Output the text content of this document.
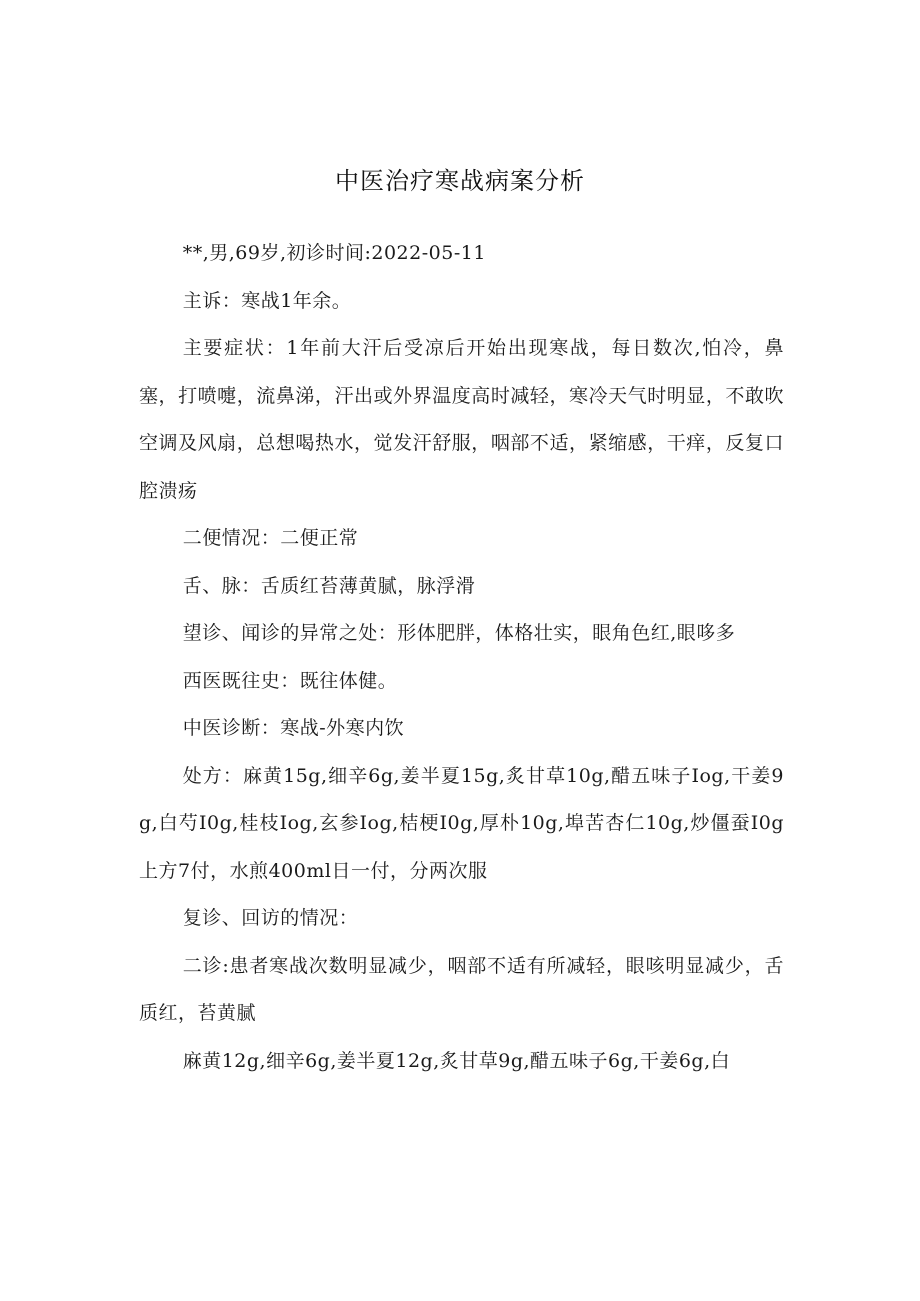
中医治疗寒战病案分析

**,男,69岁,初诊时间:2022-05-11

主诉：寒战1年余。

主要症状：1年前大汗后受凉后开始出现寒战，每日数次,怕冷，鼻塞，打喷嚏，流鼻涕，汗出或外界温度高时减轻，寒冷天气时明显，不敢吹空调及风扇，总想喝热水，觉发汗舒服，咽部不适，紧缩感，干痒，反复口腔溃疡

二便情况：二便正常

舌、脉：舌质红苔薄黄腻，脉浮滑

望诊、闻诊的异常之处：形体肥胖，体格壮实，眼角色红,眼哆多

西医既往史：既往体健。

中医诊断：寒战-外寒内饮

处方：麻黄15g,细辛6g,姜半夏15g,炙甘草10g,醋五味子Iog,干姜9g,白芍I0g,桂枝Iog,玄参Iog,桔梗I0g,厚朴10g,埠苦杏仁10g,炒僵蚕I0g上方7付，水煎400ml日一付，分两次服

复诊、回访的情况：

二诊:患者寒战次数明显减少，咽部不适有所减轻，眼咳明显减少，舌质红，苔黄腻

麻黄12g,细辛6g,姜半夏12g,炙甘草9g,醋五味子6g,干姜6g,白
